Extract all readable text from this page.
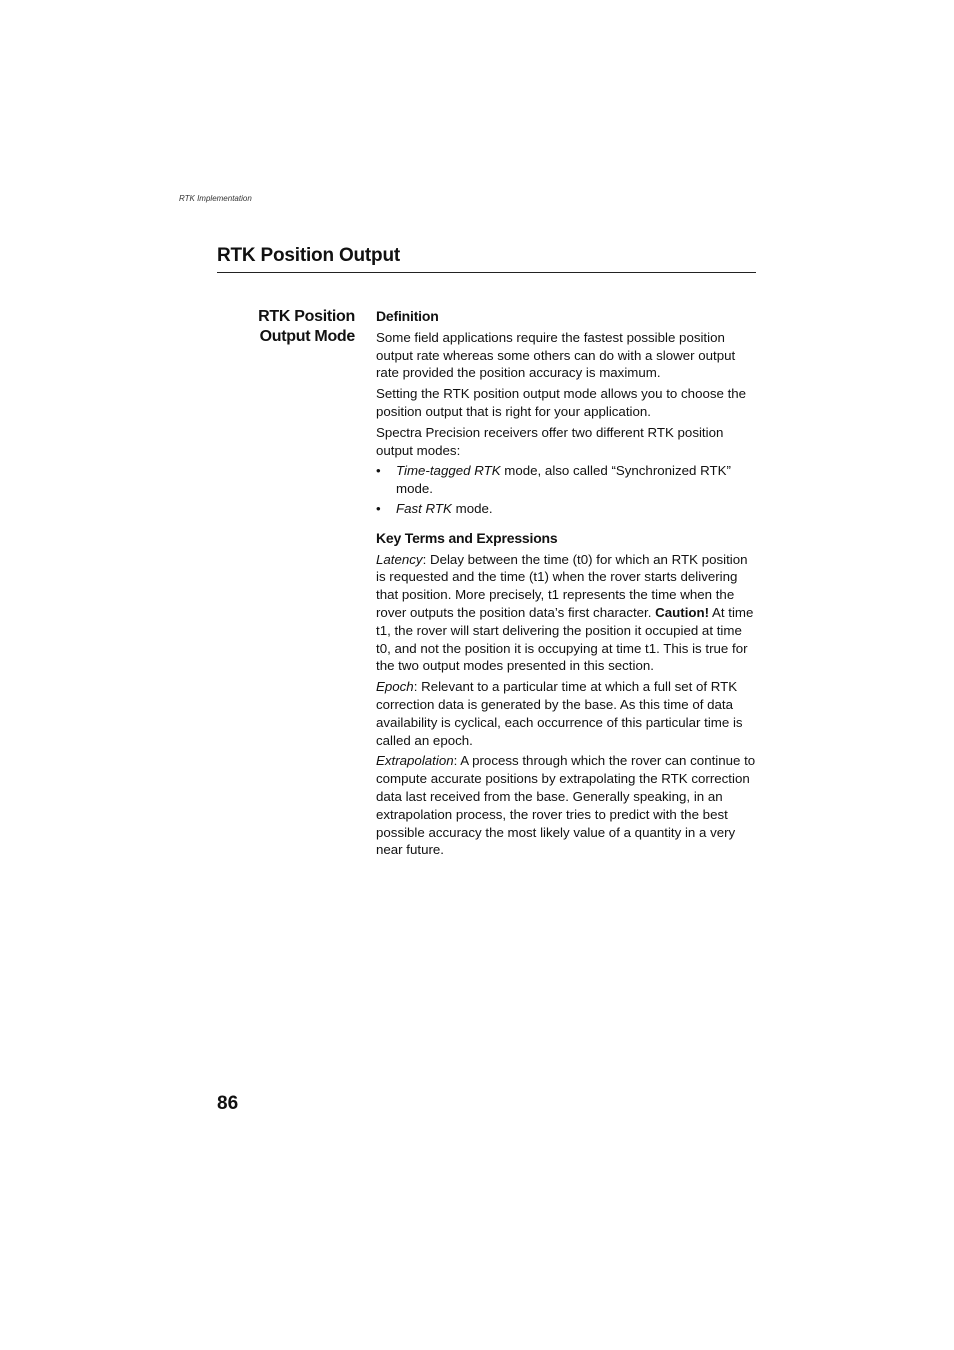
RTK Implementation
RTK Position Output
RTK Position
Output Mode
Definition

Some field applications require the fastest possible position output rate whereas some others can do with a slower output rate provided the position accuracy is maximum.

Setting the RTK position output mode allows you to choose the position output that is right for your application.

Spectra Precision receivers offer two different RTK position output modes:

• Time-tagged RTK mode, also called “Synchronized RTK” mode.
• Fast RTK mode.
Key Terms and Expressions

Latency: Delay between the time (t0) for which an RTK position is requested and the time (t1) when the rover starts delivering that position. More precisely, t1 represents the time when the rover outputs the position data’s first character. Caution! At time t1, the rover will start delivering the position it occupied at time t0, and not the position it is occupying at time t1. This is true for the two output modes presented in this section.

Epoch: Relevant to a particular time at which a full set of RTK correction data is generated by the base. As this time of data availability is cyclical, each occurrence of this particular time is called an epoch.

Extrapolation: A process through which the rover can continue to compute accurate positions by extrapolating the RTK correction data last received from the base. Generally speaking, in an extrapolation process, the rover tries to predict with the best possible accuracy the most likely value of a quantity in a very near future.

86
